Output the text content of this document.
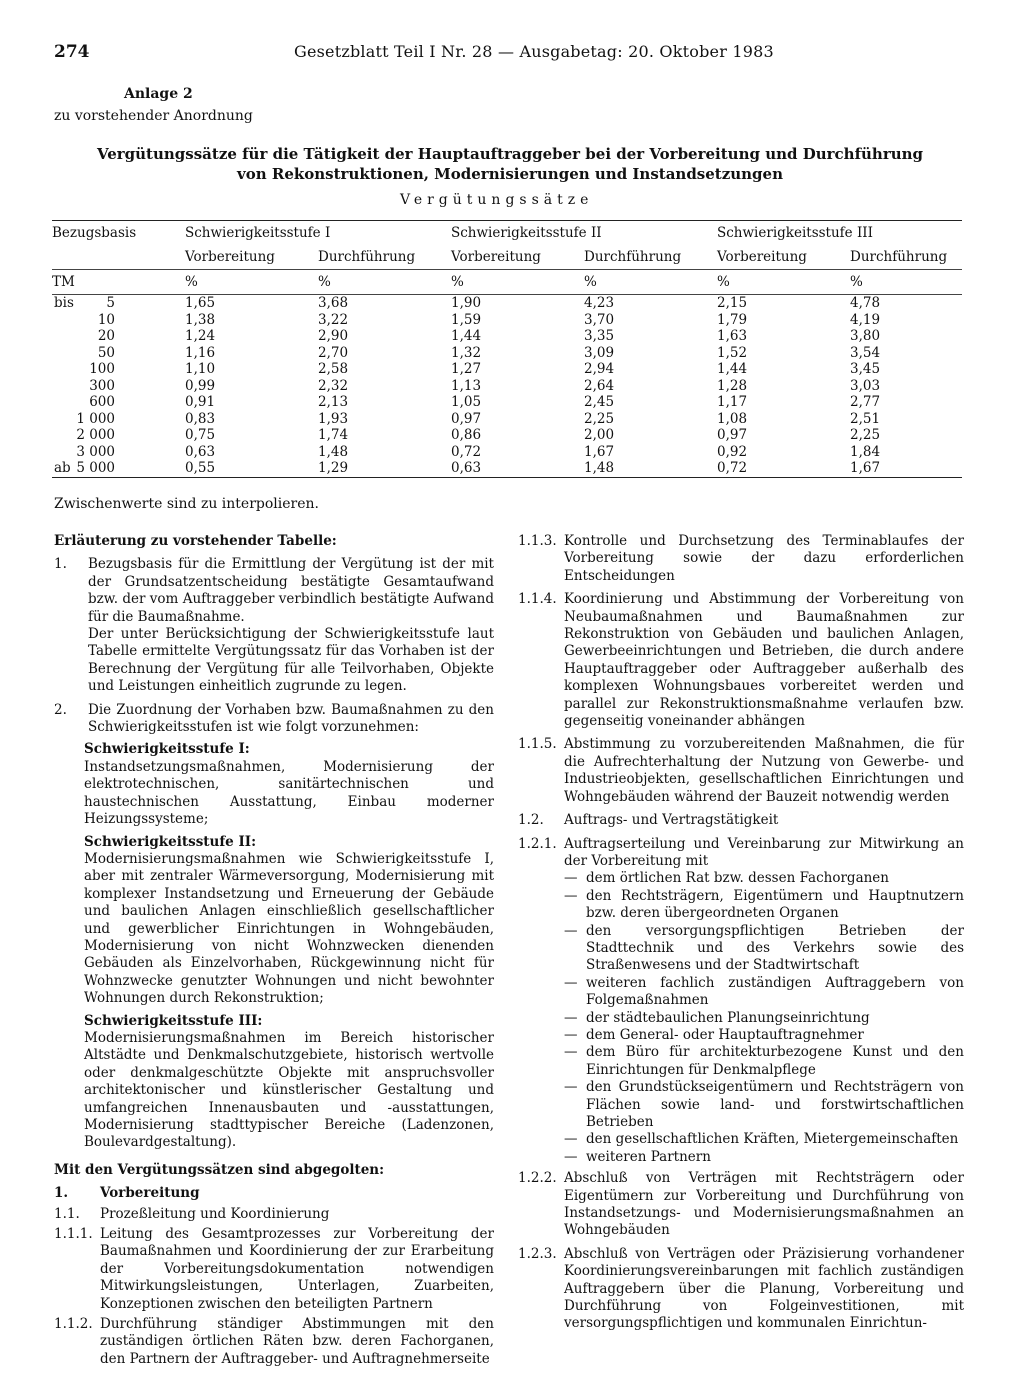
274	Gesetzblatt Teil I Nr. 28 — Ausgabetag: 20. Oktober 1983
Anlage 2
zu vorstehender Anordnung
Vergütungssätze für die Tätigkeit der Hauptauftraggeber bei der Vorbereitung und Durchführung
von Rekonstruktionen, Modernisierungen und Instandsetzungen
Vergütungssätze
Bezugsbasis	Schwierigkeitsstufe I		Schwierigkeitsstufe II		Schwierigkeitsstufe III	
	Vorbereitung	Durchführung	Vorbereitung	Durchführung	Vorbereitung	Durchführung
TM	%	%	%	%	%	%

bis 5	1,65	3,68	1,90	4,23	2,15	4,78

10	1,38	3,22	1,59	3,70	1,79	4,19

20	1,24	2,90	1,44	3,35	1,63	3,80

50	1,16	2,70	1,32	3,09	1,52	3,54

100	1,10	2,58	1,27	2,94	1,44	3,45

300	0,99	2,32	1,13	2,64	1,28	3,03

600	0,91	2,13	1,05	2,45	1,17	2,77

1 000	0,83	1,93	0,97	2,25	1,08	2,51

2 000	0,75	1,74	0,86	2,00	0,97	2,25

3 000	0,63	1,48	0,72	1,67	0,92	1,84

ab 5 000	0,55	1,29	0,63	1,48	0,72	1,67
Zwischenwerte sind zu interpolieren.
Erläuterung zu vorstehender Tabelle:
1.	Bezugsbasis für die Ermittlung der Vergütung ist der mit der Grundsatzentscheidung bestätigte Gesamtaufwand bzw. der vom Auftraggeber verbindlich bestätigte Aufwand für die Baumaßnahme.
Der unter Berücksichtigung der Schwierigkeitsstufe laut Tabelle ermittelte Vergütungssatz für das Vorhaben ist der Berechnung der Vergütung für alle Teilvorhaben, Objekte und Leistungen einheitlich zugrunde zu legen.
2.	Die Zuordnung der Vorhaben bzw. Baumaßnahmen zu den Schwierigkeitsstufen ist wie folgt vorzunehmen:
Schwierigkeitsstufe I:
Instandsetzungsmaßnahmen, Modernisierung der elektrotechnischen, sanitärtechnischen und haustechnischen Ausstattung, Einbau moderner Heizungssysteme;
Schwierigkeitsstufe II:
Modernisierungsmaßnahmen wie Schwierigkeitsstufe I, aber mit zentraler Wärmeversorgung, Modernisierung mit komplexer Instandsetzung und Erneuerung der Gebäude und baulichen Anlagen einschließlich gesellschaftlicher und gewerblicher Einrichtungen in Wohngebäuden, Modernisierung von nicht Wohnzwecken dienenden Gebäuden als Einzelvorhaben, Rückgewinnung nicht für Wohnzwecke genutzter Wohnungen und nicht bewohnter Wohnungen durch Rekonstruktion;
Schwierigkeitsstufe III:
Modernisierungsmaßnahmen im Bereich historischer Altstädte und Denkmalschutzgebiete, historisch wertvolle oder denkmalgeschützte Objekte mit anspruchsvoller architektonischer und künstlerischer Gestaltung und umfangreichen Innenausbauten und -ausstattungen, Modernisierung stadttypischer Bereiche (Ladenzonen, Boulevardgestaltung).
Mit den Vergütungssätzen sind abgegolten:
1.	Vorbereitung
1.1.	Prozeßleitung und Koordinierung
1.1.1. Leitung des Gesamtprozesses zur Vorbereitung der Baumaßnahmen und Koordinierung der zur Erarbeitung der Vorbereitungsdokumentation notwendigen Mitwirkungsleistungen, Unterlagen, Zuarbeiten, Konzeptionen zwischen den beteiligten Partnern
1.1.2. Durchführung ständiger Abstimmungen mit den zuständigen örtlichen Räten bzw. deren Fachorganen, den Partnern der Auftraggeber- und Auftragnehmerseite
1.1.3. Kontrolle und Durchsetzung des Terminablaufes der Vorbereitung sowie der dazu erforderlichen Entscheidungen
1.1.4. Koordinierung und Abstimmung der Vorbereitung von Neubaumaßnahmen und Baumaßnahmen zur Rekonstruktion von Gebäuden und baulichen Anlagen, Gewerbeeinrichtungen und Betrieben, die durch andere Hauptauftraggeber oder Auftraggeber außerhalb des komplexen Wohnungsbaues vorbereitet werden und parallel zur Rekonstruktionsmaßnahme verlaufen bzw. gegenseitig voneinander abhängen
1.1.5. Abstimmung zu vorzubereitenden Maßnahmen, die für die Aufrechterhaltung der Nutzung von Gewerbe- und Industrieobjekten, gesellschaftlichen Einrichtungen und Wohngebäuden während der Bauzeit notwendig werden
1.2.	Auftrags- und Vertragstätigkeit
1.2.1. Auftragserteilung und Vereinbarung zur Mitwirkung an der Vorbereitung mit
— dem örtlichen Rat bzw. dessen Fachorganen
— den Rechtsträgern, Eigentümern und Hauptnutzern bzw. deren übergeordneten Organen
— den versorgungspflichtigen Betrieben der Stadttechnik und des Verkehrs sowie des Straßenwesens und der Stadtwirtschaft
— weiteren fachlich zuständigen Auftraggebern von Folgemaßnahmen
— der städtebaulichen Planungseinrichtung
— dem General- oder Hauptauftragnehmer
— dem Büro für architekturbezogene Kunst und den Einrichtungen für Denkmalpflege
— den Grundstückseigentümern und Rechtsträgern von Flächen sowie land- und forstwirtschaftlichen Betrieben
— den gesellschaftlichen Kräften, Mietergemeinschaften
— weiteren Partnern
1.2.2. Abschluß von Verträgen mit Rechtsträgern oder Eigentümern zur Vorbereitung und Durchführung von Instandsetzungs- und Modernisierungsmaßnahmen an Wohngebäuden
1.2.3. Abschluß von Verträgen oder Präzisierung vorhandener Koordinierungsvereinbarungen mit fachlich zuständigen Auftraggebern über die Planung, Vorbereitung und Durchführung von Folgeinvestitionen, mit versorgungspflichtigen und kommunalen Einrichtun-
